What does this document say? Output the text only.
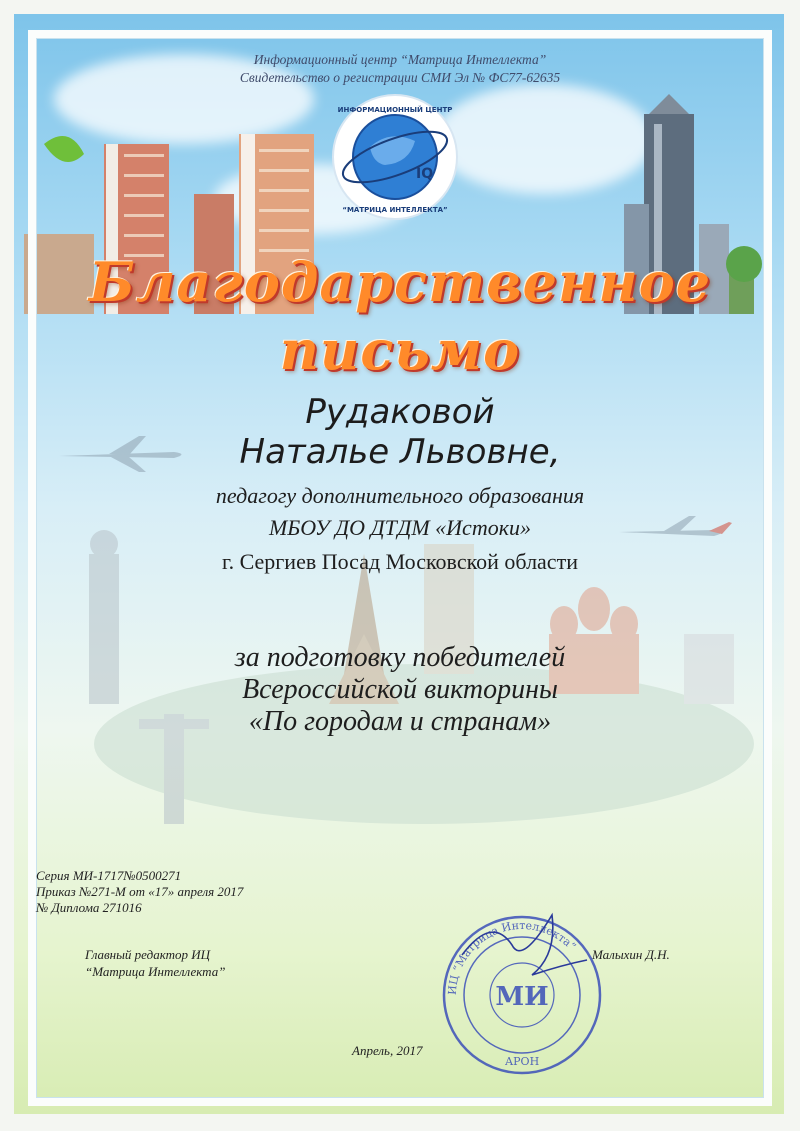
Информационный центр “Матрица Интеллекта”
Свидетельство о регистрации СМИ Эл № ФС77-62635
IQ
ИНФОРМАЦИОННЫЙ ЦЕНТР
“МАТРИЦА ИНТЕЛЛЕКТА”
Благодарственное
письмо
Рудаковой
Наталье Львовне,
педагогу дополнительного образования
МБОУ ДО ДТДМ «Истоки»
г. Сергиев Посад Московской области
за подготовку победителей
Всероссийской викторины
«По городам и странам»
Серия МИ-1717№0500271
Приказ №271-М от «17» апреля 2017
№ Диплома 271016
Главный редактор ИЦ
“Матрица Интеллекта”
Малыхин Д.Н.
Апрель, 2017
ИЦ “Матрица Интеллекта”
МИ
АРОН
